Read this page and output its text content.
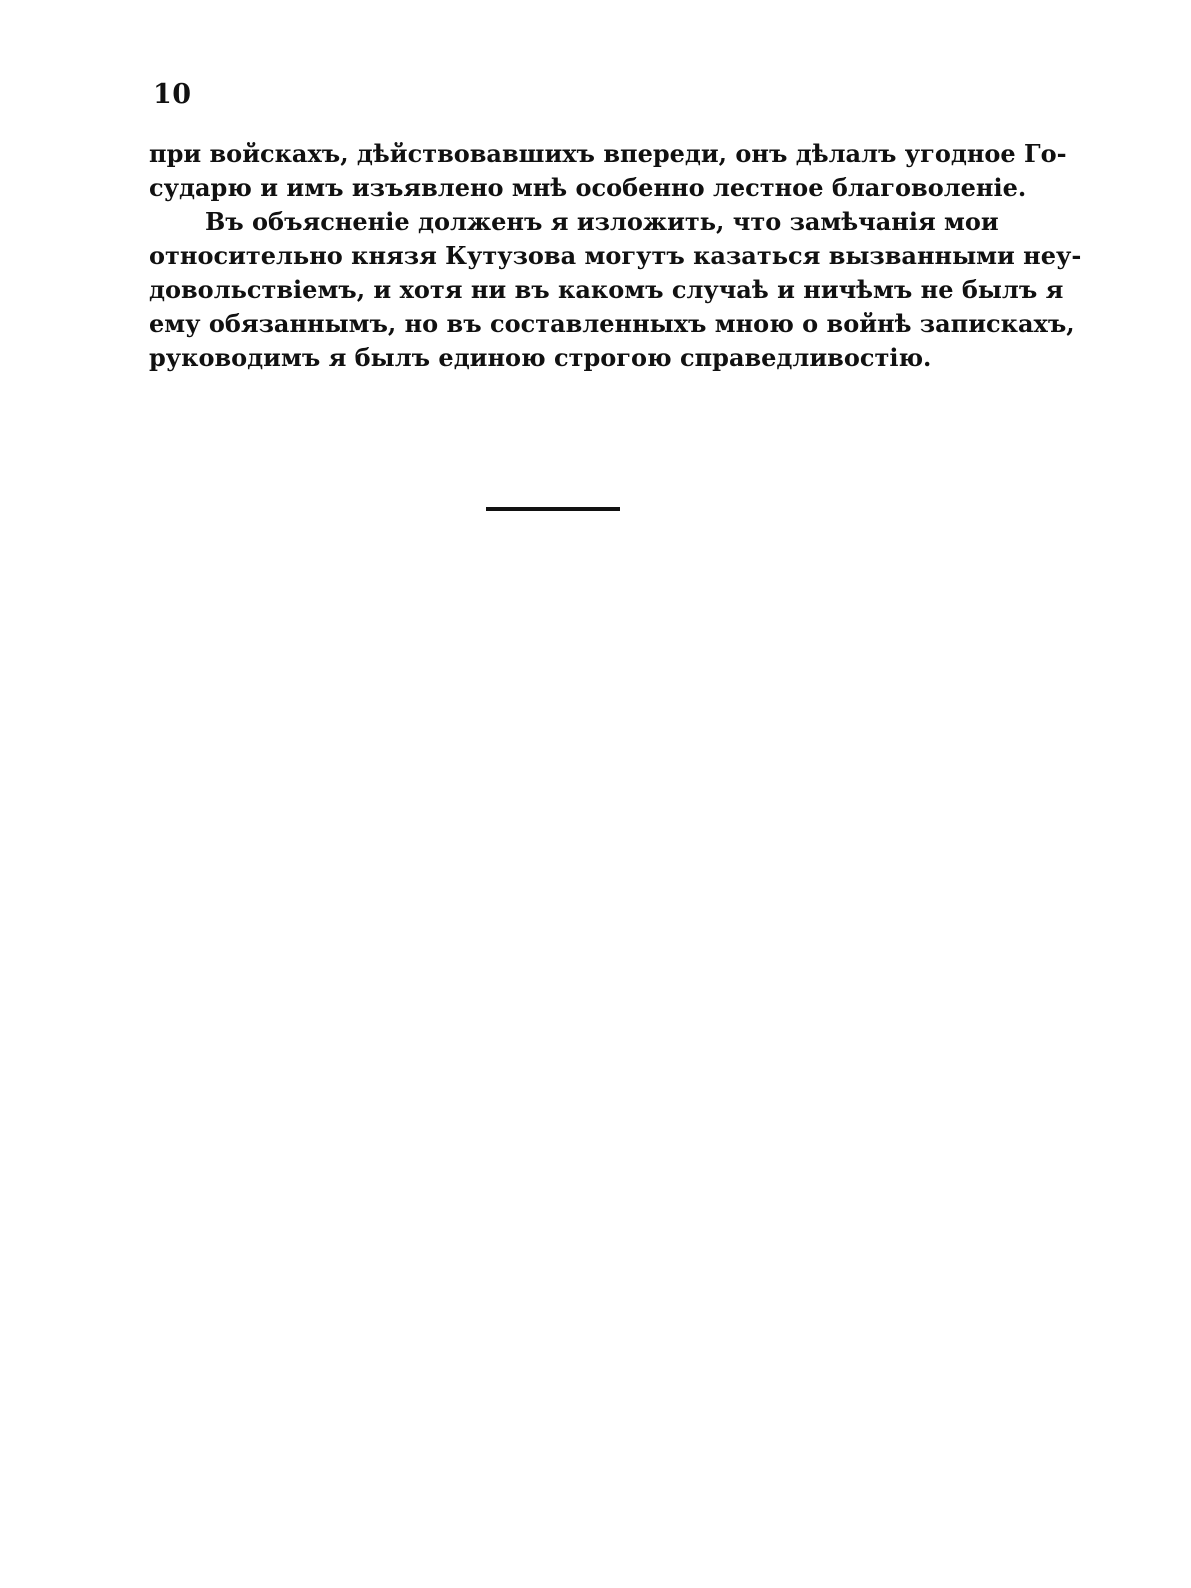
10
при войскахъ, дѣйствовавшихъ впереди, онъ дѣлалъ угодное Го-
сударю и имъ изъявлено мнѣ особенно лестное благоволеніе.
Въ объясненіе долженъ я изложить, что замѣчанія мои
относительно князя Кутузова могутъ казаться вызванными неу-
довольствіемъ, и хотя ни въ какомъ случаѣ и ничѣмъ не былъ я
ему обязаннымъ, но въ составленныхъ мною о войнѣ запискахъ,
руководимъ я былъ единою строгою справедливостію.
